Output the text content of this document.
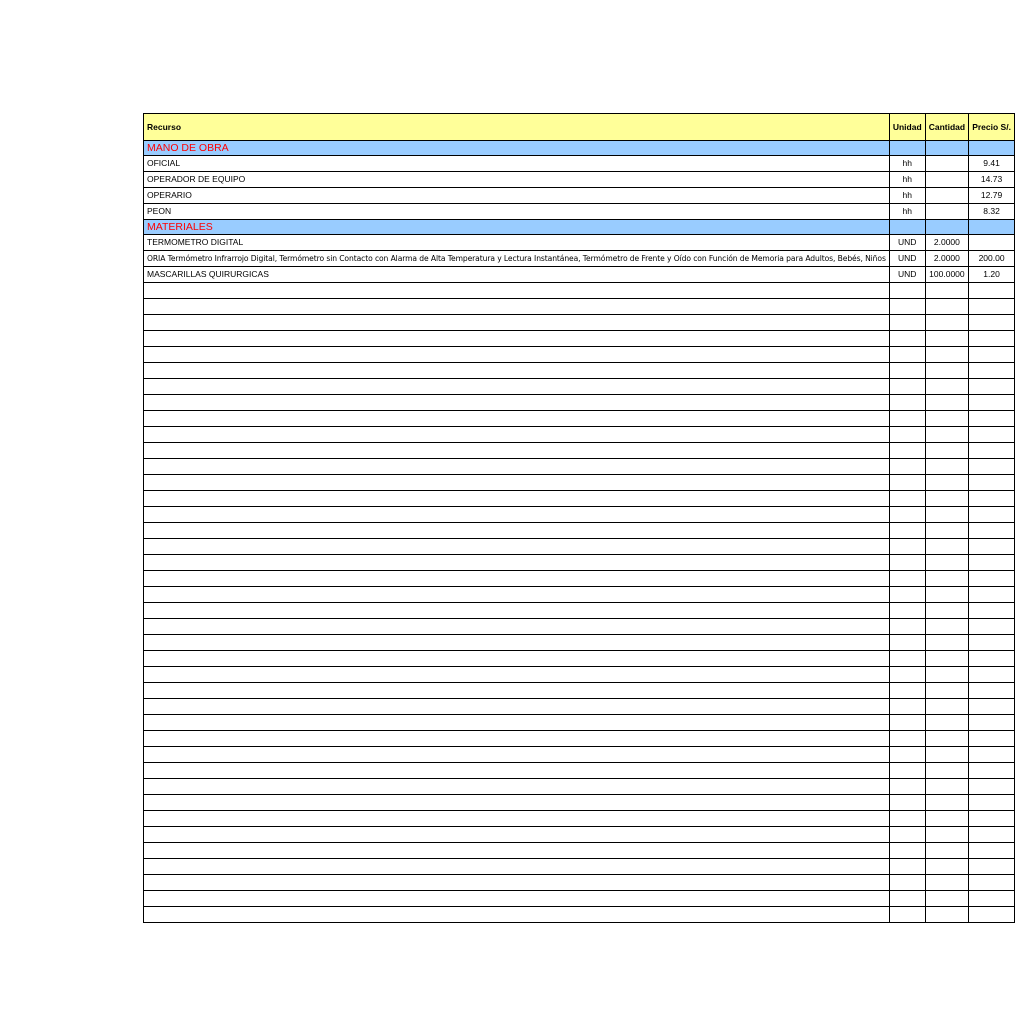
Recurso	Unidad	Cantidad	Precio S/.
MANO DE OBRA			
OFICIAL	hh		9.41
OPERADOR DE EQUIPO	hh		14.73
OPERARIO	hh		12.79
PEON	hh		8.32
MATERIALES			
TERMOMETRO DIGITAL	UND	2.0000	
ORIA Termómetro Infrarrojo Digital, Termómetro sin Contacto con Alarma de Alta Temperatura y Lectura Instantánea, Termómetro de Frente y Oído con Función de Memoria para Adultos, Bebés, Niños	UND	2.0000	200.00
MASCARILLAS QUIRURGICAS	UND	100.0000	1.20
